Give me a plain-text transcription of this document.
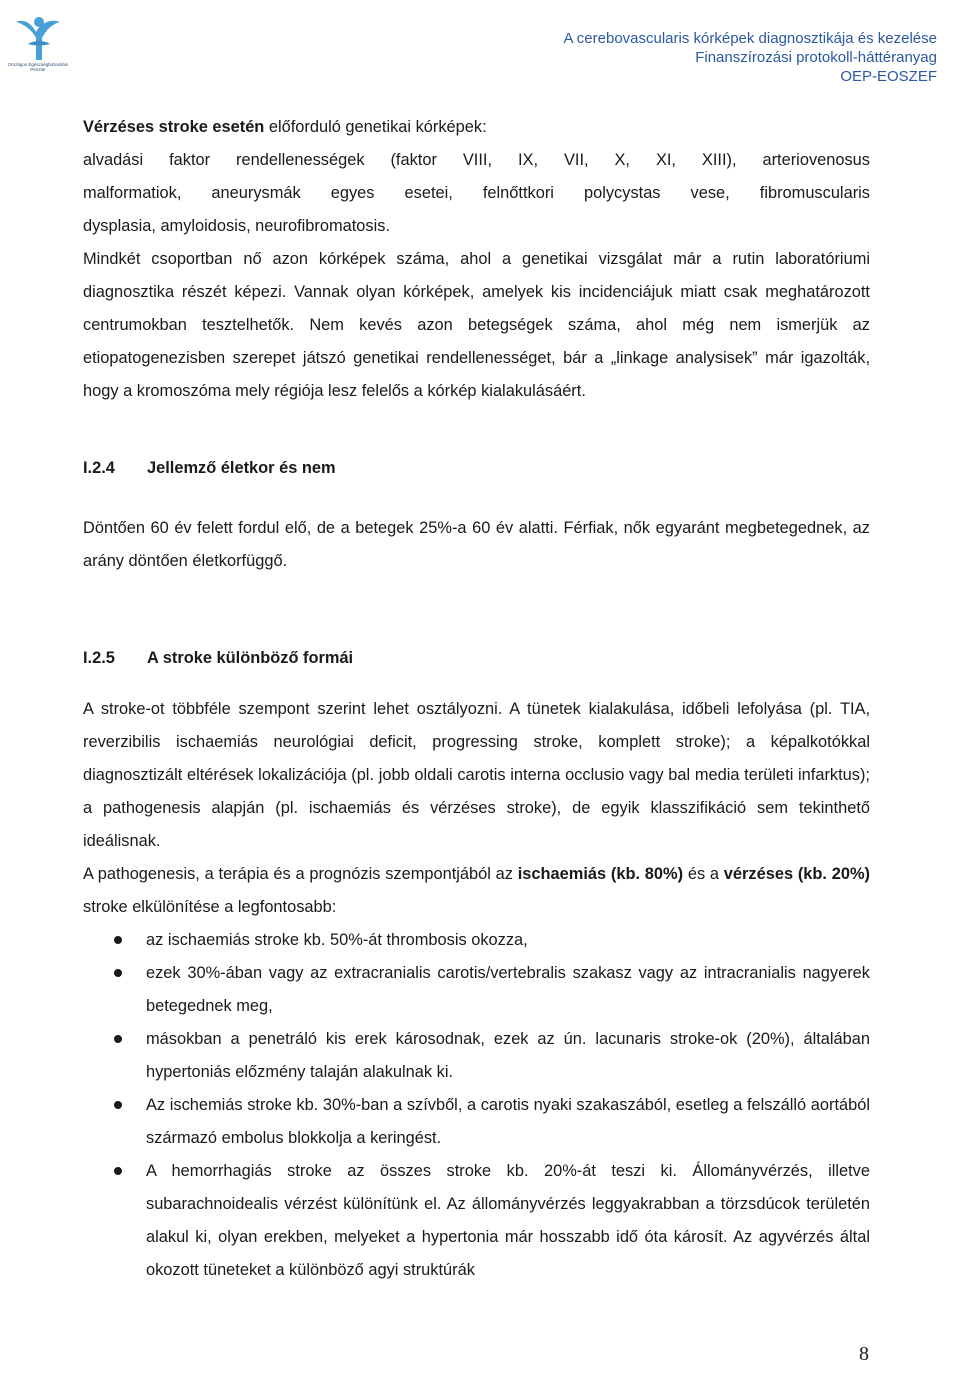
Országos Egészségbiztosítási Pénztár
A cerebovascularis kórképek diagnosztikája és kezelése
Finanszírozási protokoll-háttéranyag
OEP-EOSZEF

Vérzéses stroke esetén előforduló genetikai kórképek:

alvadási faktor rendellenességek (faktor VIII, IX, VII, X, XI, XIII), arteriovenosus

malformatiok, aneurysmák egyes esetei, felnőttkori polycystas vese, fibromuscularis

dysplasia, amyloidosis, neurofibromatosis.

Mindkét csoportban nő azon kórképek száma, ahol a genetikai vizsgálat már a rutin laboratóriumi diagnosztika részét képezi. Vannak olyan kórképek, amelyek kis incidenciájuk miatt csak meghatározott centrumokban tesztelhetők. Nem kevés azon betegségek száma, ahol még nem ismerjük az etiopatogenezisben szerepet játszó genetikai rendellenességet, bár a „linkage analysisek” már igazolták, hogy a kromoszóma mely régiója lesz felelős a kórkép kialakulásáért.

I.2.4	Jellemző életkor és nem

Döntően 60 év felett fordul elő, de a betegek 25%-a 60 év alatti. Férfiak, nők egyaránt megbetegednek, az arány döntően életkorfüggő.

I.2.5	A stroke különböző formái

A stroke-ot többféle szempont szerint lehet osztályozni. A tünetek kialakulása, időbeli lefolyása (pl. TIA, reverzibilis ischaemiás neurológiai deficit, progressing stroke, komplett stroke); a képalkotókkal diagnosztizált eltérések lokalizációja (pl. jobb oldali carotis interna occlusio vagy bal media területi infarktus); a pathogenesis alapján (pl. ischaemiás és vérzéses stroke), de egyik klasszifikáció sem tekinthető ideálisnak.

A pathogenesis, a terápia és a prognózis szempontjából az ischaemiás (kb. 80%) és a vérzéses (kb. 20%) stroke elkülönítése a legfontosabb:

az ischaemiás stroke kb. 50%-át thrombosis okozza,
ezek 30%-ában vagy az extracranialis carotis/vertebralis szakasz vagy az intracranialis nagyerek betegednek meg,
másokban a penetráló kis erek károsodnak, ezek az ún. lacunaris stroke-ok (20%), általában hypertoniás előzmény talaján alakulnak ki.
Az ischemiás stroke kb. 30%-ban a szívből, a carotis nyaki szakaszából, esetleg a felszálló aortából származó embolus blokkolja a keringést.
A hemorrhagiás stroke az összes stroke kb. 20%-át teszi ki. Állományvérzés, illetve subarachnoidealis vérzést különítünk el. Az állományvérzés leggyakrabban a törzsdúcok területén alakul ki, olyan erekben, melyeket a hypertonia már hosszabb idő óta károsít. Az agyvérzés által okozott tüneteket a különböző agyi struktúrák
8
